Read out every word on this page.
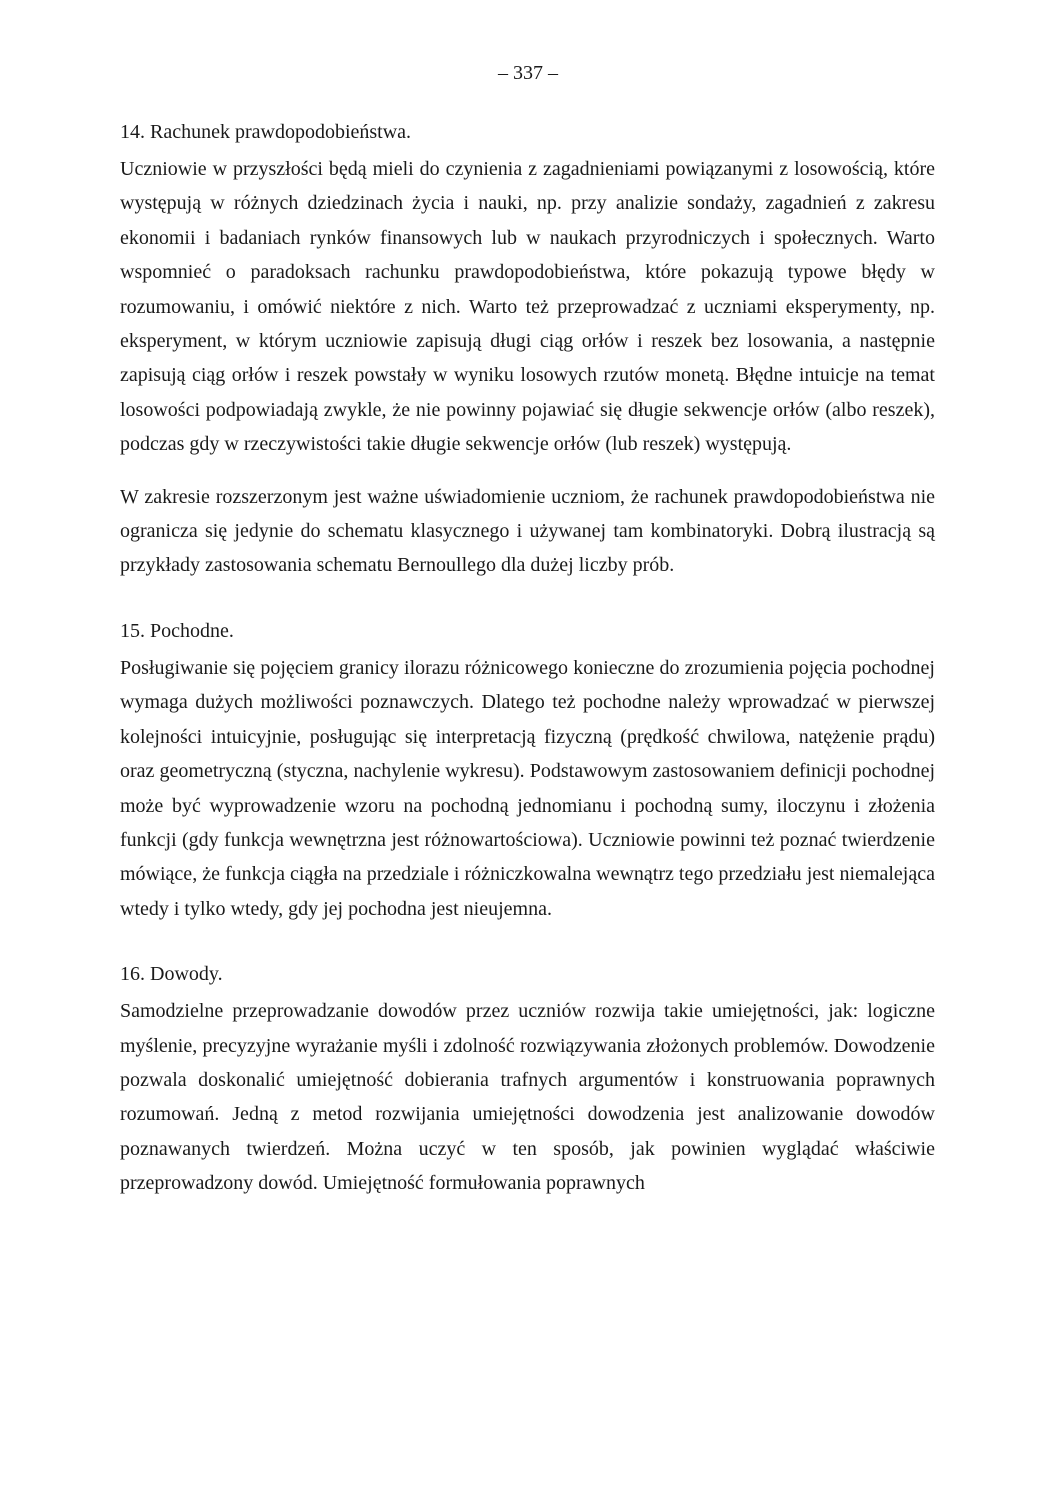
– 337 –
14. Rachunek prawdopodobieństwa.

Uczniowie w przyszłości będą mieli do czynienia z zagadnieniami powiązanymi z losowością, które występują w różnych dziedzinach życia i nauki, np. przy analizie sondaży, zagadnień z zakresu ekonomii i badaniach rynków finansowych lub w naukach przyrodniczych i społecznych. Warto wspomnieć o paradoksach rachunku prawdopodobieństwa, które pokazują typowe błędy w rozumowaniu, i omówić niektóre z nich. Warto też przeprowadzać z uczniami eksperymenty, np. eksperyment, w którym uczniowie zapisują długi ciąg orłów i reszek bez losowania, a następnie zapisują ciąg orłów i reszek powstały w wyniku losowych rzutów monetą. Błędne intuicje na temat losowości podpowiadają zwykle, że nie powinny pojawiać się długie sekwencje orłów (albo reszek), podczas gdy w rzeczywistości takie długie sekwencje orłów (lub reszek) występują.

W zakresie rozszerzonym jest ważne uświadomienie uczniom, że rachunek prawdopodobieństwa nie ogranicza się jedynie do schematu klasycznego i używanej tam kombinatoryki. Dobrą ilustracją są przykłady zastosowania schematu Bernoullego dla dużej liczby prób.

15. Pochodne.

Posługiwanie się pojęciem granicy ilorazu różnicowego konieczne do zrozumienia pojęcia pochodnej wymaga dużych możliwości poznawczych. Dlatego też pochodne należy wprowadzać w pierwszej kolejności intuicyjnie, posługując się interpretacją fizyczną (prędkość chwilowa, natężenie prądu) oraz geometryczną (styczna, nachylenie wykresu). Podstawowym zastosowaniem definicji pochodnej może być wyprowadzenie wzoru na pochodną jednomianu i pochodną sumy, iloczynu i złożenia funkcji (gdy funkcja wewnętrzna jest różnowartościowa). Uczniowie powinni też poznać twierdzenie mówiące, że funkcja ciągła na przedziale i różniczkowalna wewnątrz tego przedziału jest niemalejąca wtedy i tylko wtedy, gdy jej pochodna jest nieujemna.

16. Dowody.

Samodzielne przeprowadzanie dowodów przez uczniów rozwija takie umiejętności, jak: logiczne myślenie, precyzyjne wyrażanie myśli i zdolność rozwiązywania złożonych problemów. Dowodzenie pozwala doskonalić umiejętność dobierania trafnych argumentów i konstruowania poprawnych rozumowań. Jedną z metod rozwijania umiejętności dowodzenia jest analizowanie dowodów poznawanych twierdzeń. Można uczyć w ten sposób, jak powinien wyglądać właściwie przeprowadzony dowód. Umiejętność formułowania poprawnych
